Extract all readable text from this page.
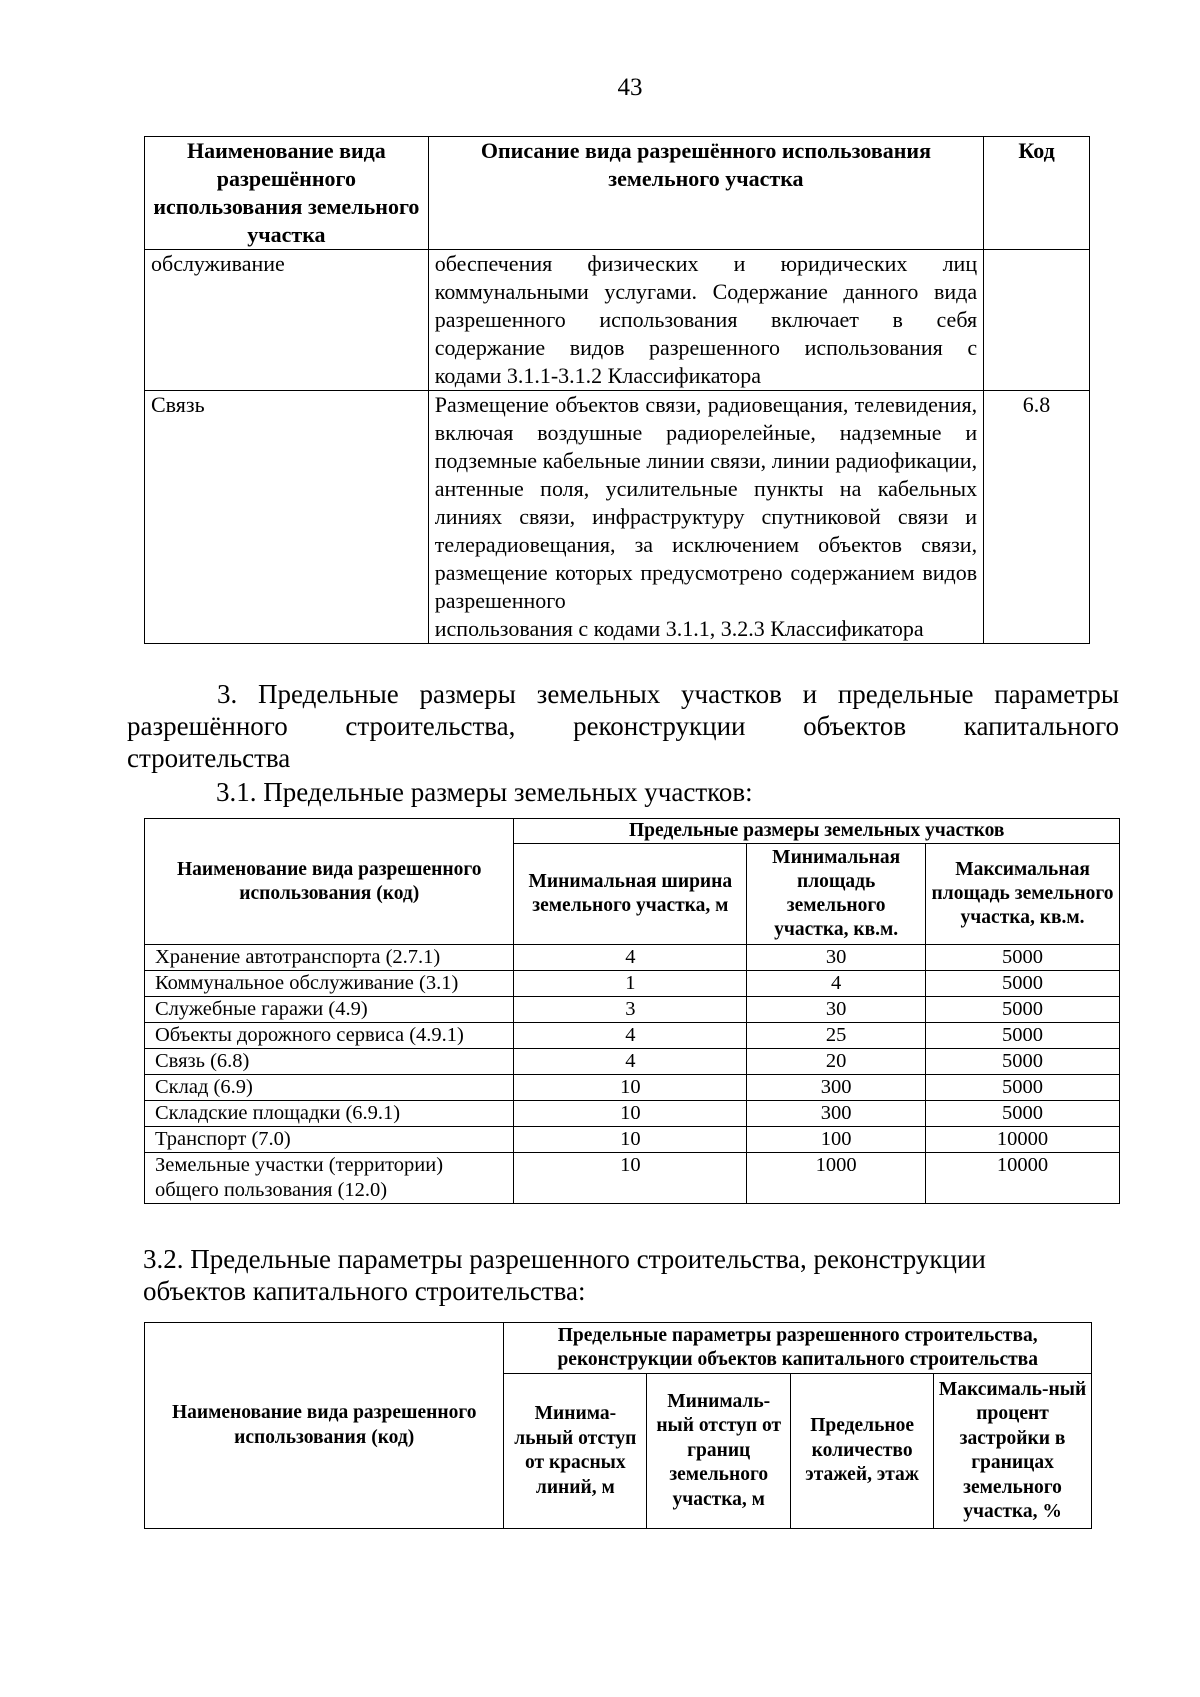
43
Наименование вида разрешённого использования земельного участка	Описание вида разрешённого использования земельного участка	Код
обслуживание	обеспечения физических и юридических лиц коммунальными услугами. Содержание данного вида разрешенного использования включает в себя содержание видов разрешенного использования с
кодами 3.1.1-3.1.2 Классификатора	

Связь	Размещение объектов связи, радиовещания, телевидения, включая воздушные радиорелейные, надземные и подземные кабельные линии связи, линии радиофикации, антенные поля, усилительные пункты на кабельных линиях связи, инфраструктуру спутниковой связи и телерадиовещания, за исключением объектов связи, размещение которых предусмотрено содержанием видов разрешенного
использования с кодами 3.1.1, 3.2.3 Классификатора	6.8
3. Предельные размеры земельных участков и предельные параметры
разрешённого строительства, реконструкции объектов капитального
строительства
3.1. Предельные размеры земельных участков:
Наименование вида разрешенного использования (код)	Предельные размеры земельных участков		
	Минимальная ширина земельного участка, м	Минимальная площадь земельного участка, кв.м.	Максимальная площадь земельного участка, кв.м.
Хранение автотранспорта (2.7.1)	4	30	5000
Коммунальное обслуживание (3.1)	1	4	5000
Служебные гаражи (4.9)	3	30	5000
Объекты дорожного сервиса (4.9.1)	4	25	5000
Связь (6.8)	4	20	5000
Склад (6.9)	10	300	5000
Складские площадки (6.9.1)	10	300	5000
Транспорт (7.0)	10	100	10000
Земельные участки (территории) общего пользования (12.0)	10	1000	10000
3.2. Предельные параметры разрешенного строительства, реконструкции объектов капитального строительства:
Наименование вида разрешенного использования (код)	Предельные параметры разрешенного строительства, реконструкции объектов капитального строительства			
	Минима-льный отступ от красных линий, м	Минималь-ный отступ от границ земельного участка, м	Предельное количество этажей, этаж	Максималь-ный процент застройки в границах земельного участка, %
